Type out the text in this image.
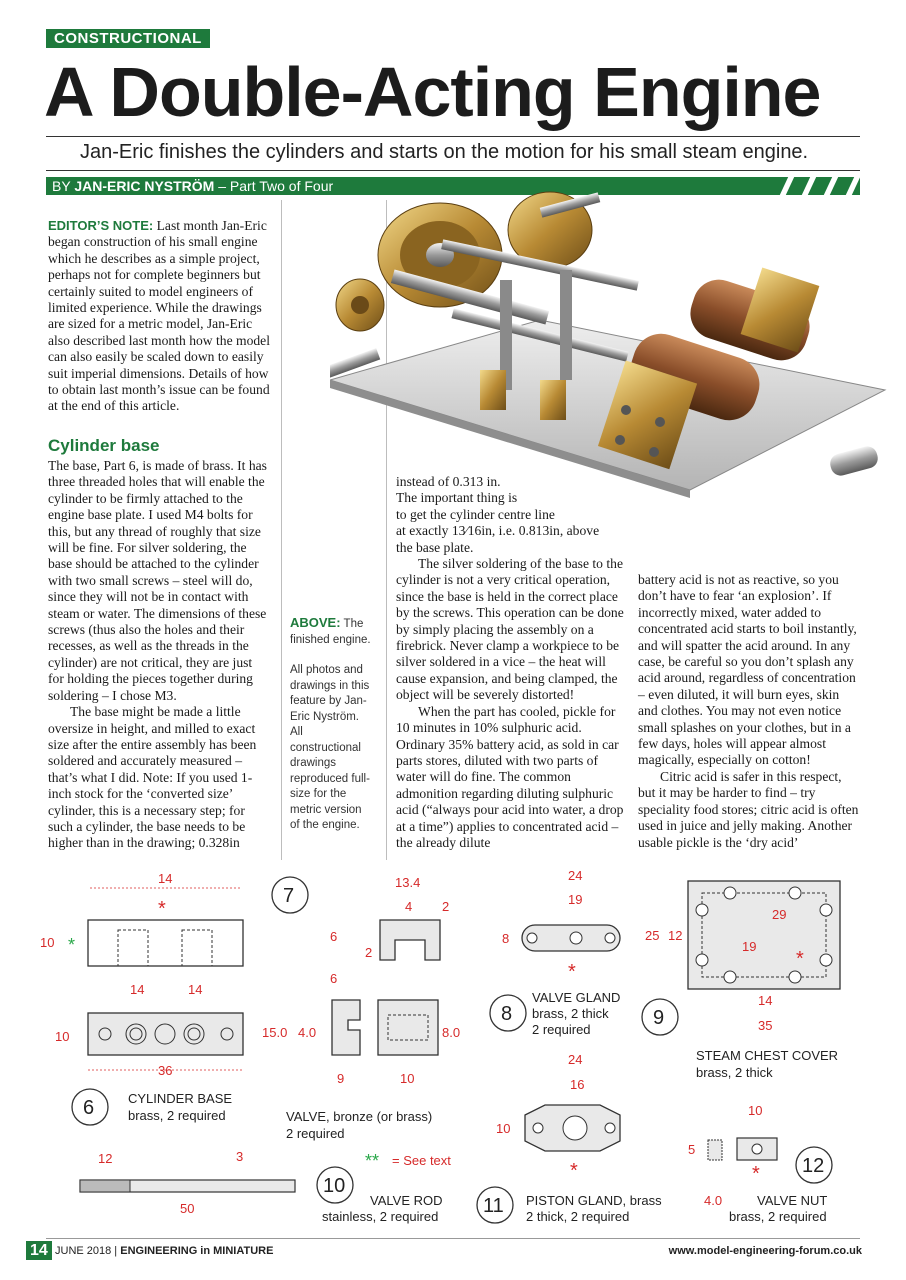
CONSTRUCTIONAL
A Double-Acting Engine
Jan-Eric finishes the cylinders and starts on the motion for his small steam engine.
BY JAN-ERIC NYSTRÖM – Part Two of Four

EDITOR’S NOTE: Last month Jan-Eric began construction of his small engine which he describes as a simple project, perhaps not for complete beginners but certainly suited to model engineers of limited experience. While the drawings are sized for a metric model, Jan-Eric also described last month how the model can also easily be scaled down to easily suit imperial dimensions. Details of how to obtain last month’s issue can be found at the end of this article.

Cylinder base

The base, Part 6, is made of brass. It has three threaded holes that will enable the cylinder to be firmly attached to the engine base plate. I used M4 bolts for this, but any thread of roughly that size will be fine. For silver soldering, the base should be attached to the cylinder with two small screws – steel will do, since they will not be in contact with steam or water. The dimensions of these screws (thus also the holes and their recesses, as well as the threads in the cylinder) are not critical, they are just for holding the pieces together during soldering – I chose M3.

The base might be made a little oversize in height, and milled to exact size after the entire assembly has been soldered and accurately measured – that’s what I did. Note: If you used 1-inch stock for the ‘converted size’ cylinder, this is a necessary step; for such a cylinder, the base needs to be higher than in the drawing; 0.328in

ABOVE: The finished engine.
All photos and drawings in this feature by Jan-Eric Nyström. All constructional drawings reproduced full-size for the metric version of the engine.

instead of 0.313 in.

The important thing is

to get the cylinder centre line

at exactly 13⁄16in, i.e. 0.813in, above

the base plate.

The silver soldering of the base to the cylinder is not a very critical operation, since the base is held in the correct place by the screws. This operation can be done by simply placing the assembly on a firebrick. Never clamp a workpiece to be silver soldered in a vice – the heat will cause expansion, and being clamped, the object will be severely distorted!

When the part has cooled, pickle for 10 minutes in 10% sulphuric acid. Ordinary 35% battery acid, as sold in car parts stores, diluted with two parts of water will do fine. The common admonition regarding diluting sulphuric acid (“always pour acid into water, a drop at a time”) applies to concentrated acid – the already dilute

battery acid is not as reactive, so you don’t have to fear ‘an explosion’. If incorrectly mixed, water added to concentrated acid starts to boil instantly, and will spatter the acid around. In any case, be careful so you don’t splash any acid around, regardless of concentration – even diluted, it will burn eyes, skin and clothes. You may not even notice small splashes on your clothes, but in a few days, holes will appear almost magically, especially on cotton!

Citric acid is safer in this respect, but it may be harder to find – try speciality food stores; citric acid is often used in juice and jelly making. Another usable pickle is the ‘dry acid’

14
*
10 *
14	14
10
36
6	CYLINDER BASE
brass, 2 required
7
13.4
4 2
6
6
2
15.0 4.0	8.0
9	10
VALVE, bronze (or brass)
2 required
** = See text
12	3
50
10
VALVE ROD
stainless, 2 required
24
19
8
*
8
VALVE GLAND
brass, 2 thick
2 required
24
16
10
*
11 PISTON GLAND, brass
2 thick, 2 required
25 12
29
19
*
14
35
9
STEAM CHEST COVER
brass, 2 thick
10
5
* 12
4.0	VALVE NUT
brass, 2 required
14 JUNE 2018 | ENGINEERING in MINIATURE	www.model-engineering-forum.co.uk
